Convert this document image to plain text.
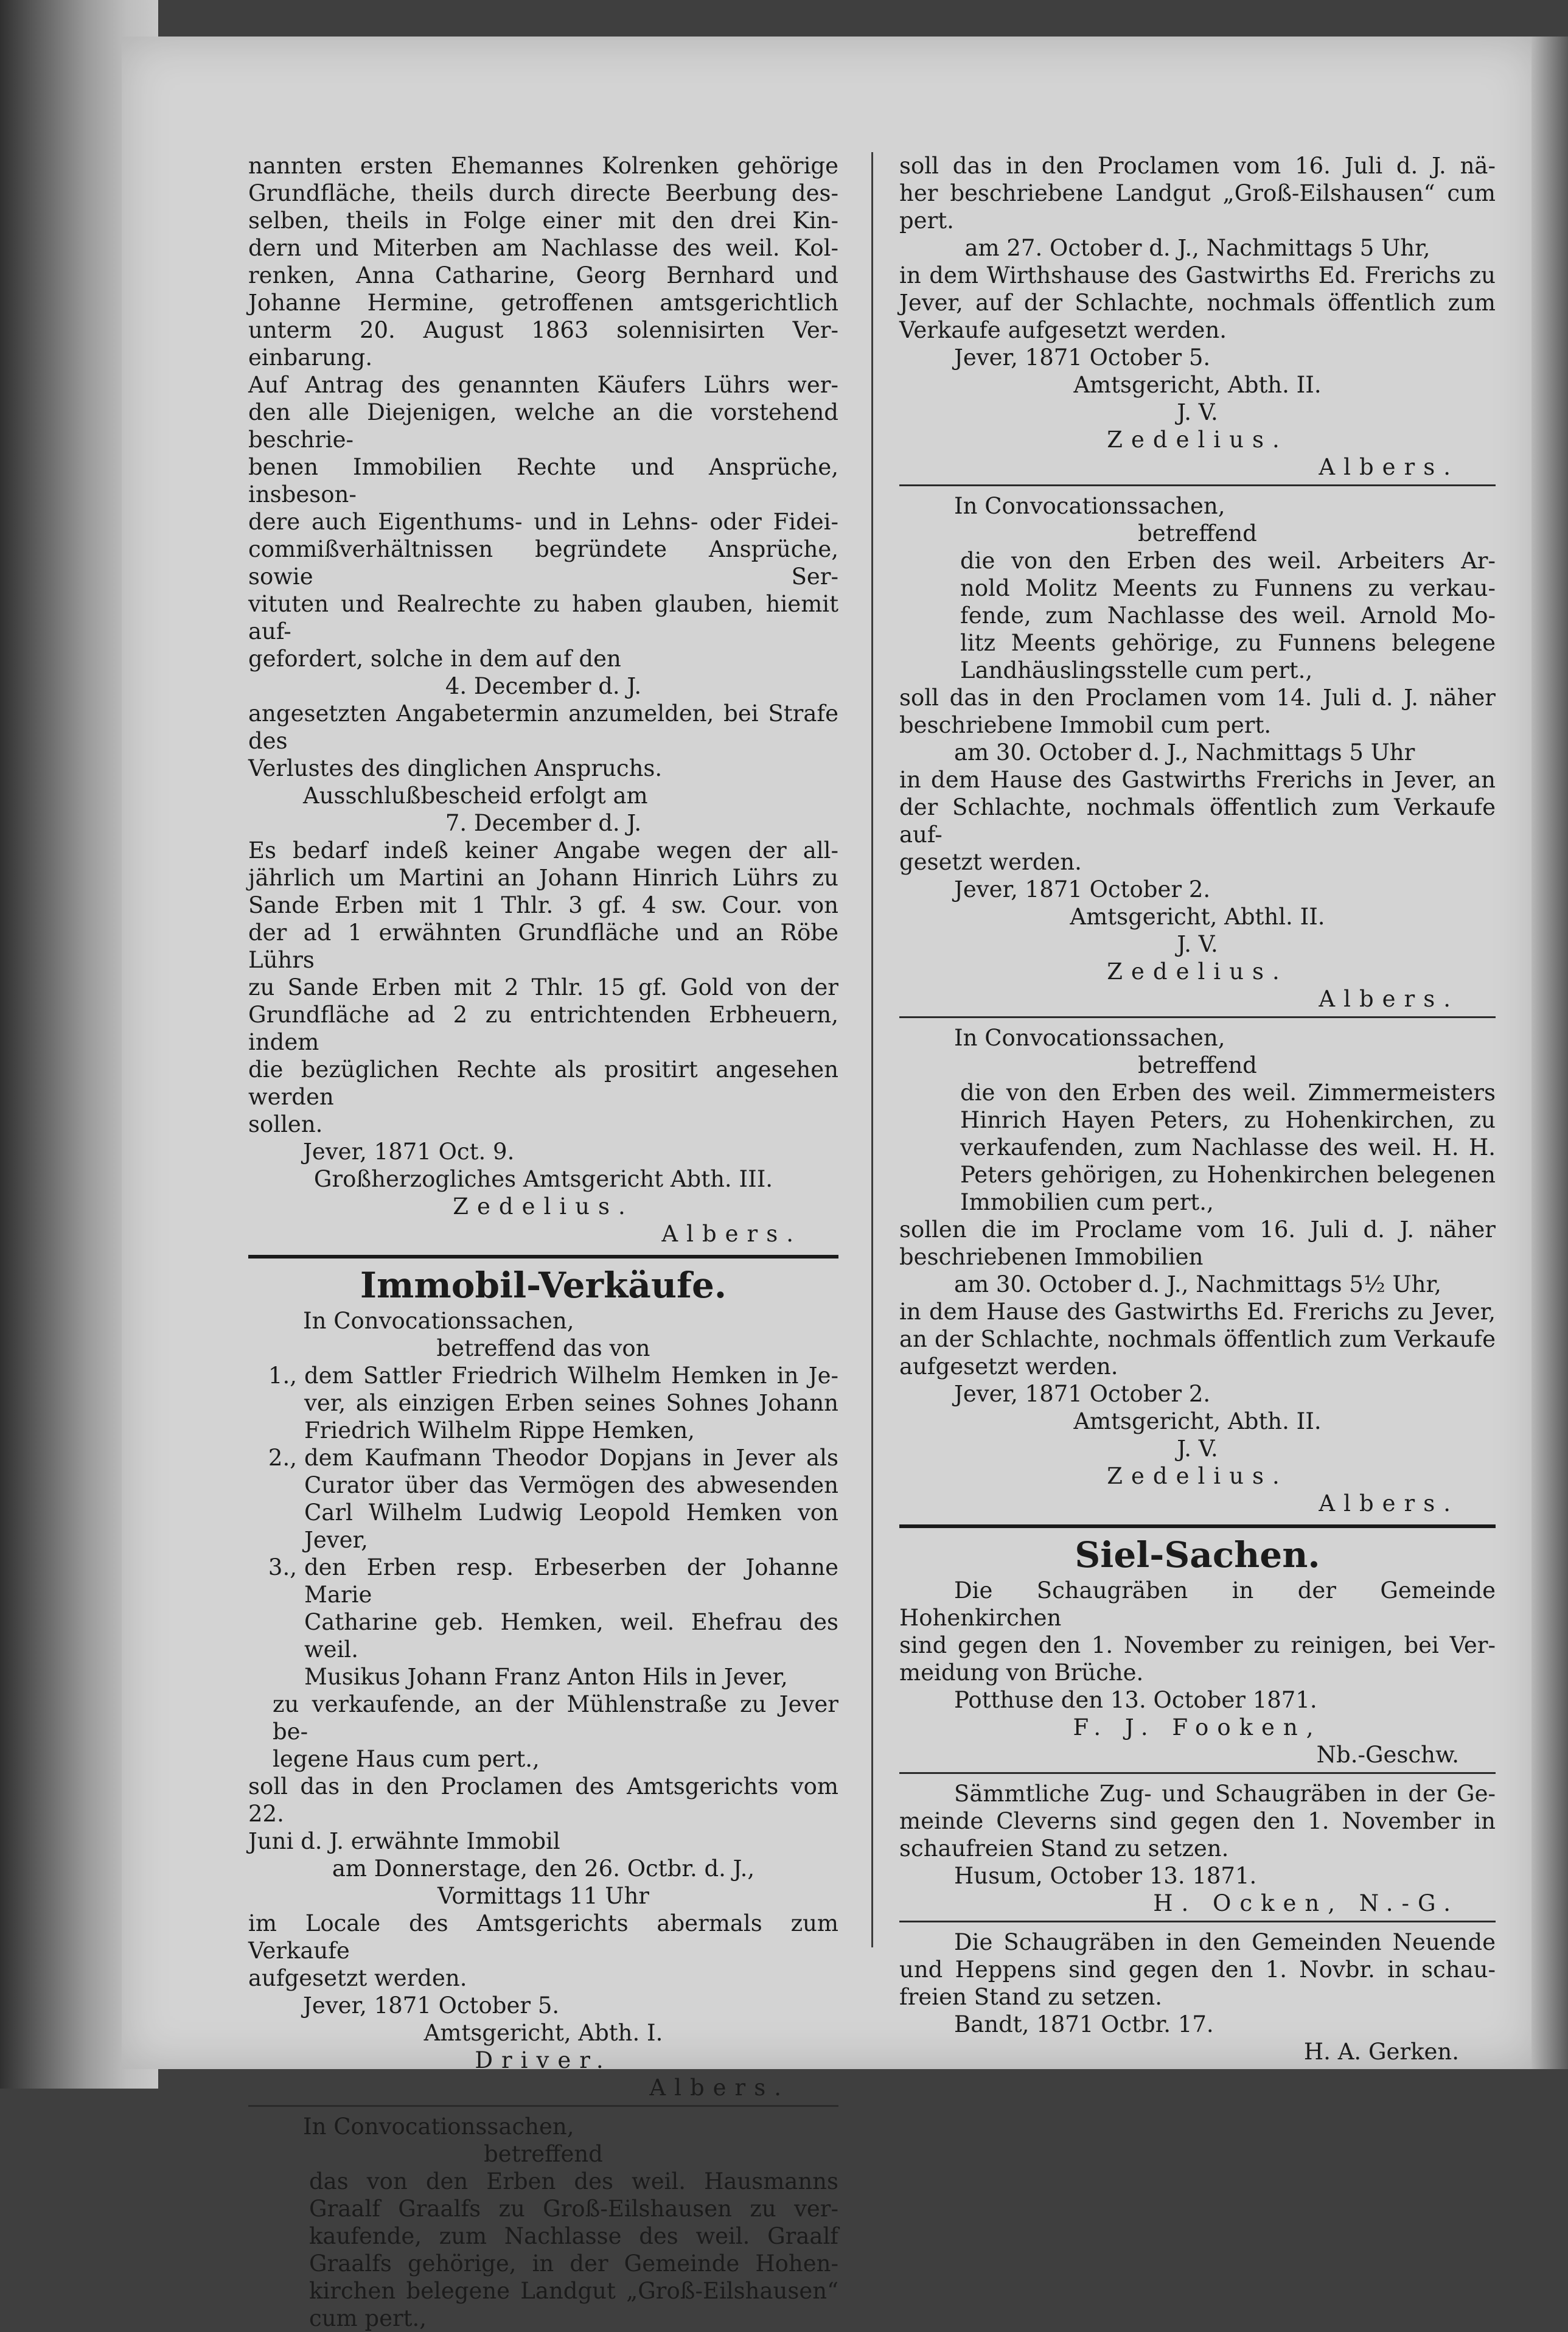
nannten ersten Ehemannes Kolrenken gehörige

Grundfläche, theils durch directe Beerbung des-

selben, theils in Folge einer mit den drei Kin-

dern und Miterben am Nachlasse des weil. Kol-

renken, Anna Catharine, Georg Bernhard und

Johanne Hermine, getroffenen amtsgerichtlich

unterm 20. August 1863 solennisirten Ver-

einbarung.

Auf Antrag des genannten Käufers Lührs wer-

den alle Diejenigen, welche an die vorstehend beschrie-

benen Immobilien Rechte und Ansprüche, insbeson-

dere auch Eigenthums- und in Lehns- oder Fidei-

commißverhältnissen begründete Ansprüche, sowie Ser-

vituten und Realrechte zu haben glauben, hiemit auf-

gefordert, solche in dem auf den

4. December d. J.

angesetzten Angabetermin anzumelden, bei Strafe des

Verlustes des dinglichen Anspruchs.

Ausschlußbescheid erfolgt am

7. December d. J.

Es bedarf indeß keiner Angabe wegen der all-

jährlich um Martini an Johann Hinrich Lührs zu

Sande Erben mit 1 Thlr. 3 gf. 4 sw. Cour. von

der ad 1 erwähnten Grundfläche und an Röbe Lührs

zu Sande Erben mit 2 Thlr. 15 gf. Gold von der

Grundfläche ad 2 zu entrichtenden Erbheuern, indem

die bezüglichen Rechte als prositirt angesehen werden

sollen.

Jever, 1871 Oct. 9.

Großherzogliches Amtsgericht Abth. III.

Zedelius.

Albers.

Immobil-Verkäufe.

In Convocationssachen,

betreffend das von

1., dem Sattler Friedrich Wilhelm Hemken in Je-

ver, als einzigen Erben seines Sohnes Johann

Friedrich Wilhelm Rippe Hemken,

2., dem Kaufmann Theodor Dopjans in Jever als

Curator über das Vermögen des abwesenden

Carl Wilhelm Ludwig Leopold Hemken von

Jever,

3., den Erben resp. Erbeserben der Johanne Marie

Catharine geb. Hemken, weil. Ehefrau des weil.

Musikus Johann Franz Anton Hils in Jever,

zu verkaufende, an der Mühlenstraße zu Jever be-

legene Haus cum pert.,

soll das in den Proclamen des Amtsgerichts vom 22.

Juni d. J. erwähnte Immobil

am Donnerstage, den 26. Octbr. d. J.,

Vormittags 11 Uhr

im Locale des Amtsgerichts abermals zum Verkaufe

aufgesetzt werden.

Jever, 1871 October 5.

Amtsgericht, Abth. I.

Driver.

Albers.

In Convocationssachen,

betreffend

das von den Erben des weil. Hausmanns

Graalf Graalfs zu Groß-Eilshausen zu ver-

kaufende, zum Nachlasse des weil. Graalf

Graalfs gehörige, in der Gemeinde Hohen-

kirchen belegene Landgut „Groß-Eilshausen“

cum pert.,

soll das in den Proclamen vom 16. Juli d. J. nä-

her beschriebene Landgut „Groß-Eilshausen“ cum pert.

am 27. October d. J., Nachmittags 5 Uhr,

in dem Wirthshause des Gastwirths Ed. Frerichs zu

Jever, auf der Schlachte, nochmals öffentlich zum

Verkaufe aufgesetzt werden.

Jever, 1871 October 5.

Amtsgericht, Abth. II.

J. V.

Zedelius.

Albers.

In Convocationssachen,

betreffend

die von den Erben des weil. Arbeiters Ar-

nold Molitz Meents zu Funnens zu verkau-

fende, zum Nachlasse des weil. Arnold Mo-

litz Meents gehörige, zu Funnens belegene

Landhäuslingsstelle cum pert.,

soll das in den Proclamen vom 14. Juli d. J. näher

beschriebene Immobil cum pert.

am 30. October d. J., Nachmittags 5 Uhr

in dem Hause des Gastwirths Frerichs in Jever, an

der Schlachte, nochmals öffentlich zum Verkaufe auf-

gesetzt werden.

Jever, 1871 October 2.

Amtsgericht, Abthl. II.

J. V.

Zedelius.

Albers.

In Convocationssachen,

betreffend

die von den Erben des weil. Zimmermeisters

Hinrich Hayen Peters, zu Hohenkirchen, zu

verkaufenden, zum Nachlasse des weil. H. H.

Peters gehörigen, zu Hohenkirchen belegenen

Immobilien cum pert.,

sollen die im Proclame vom 16. Juli d. J. näher

beschriebenen Immobilien

am 30. October d. J., Nachmittags 5½ Uhr,

in dem Hause des Gastwirths Ed. Frerichs zu Jever,

an der Schlachte, nochmals öffentlich zum Verkaufe

aufgesetzt werden.

Jever, 1871 October 2.

Amtsgericht, Abth. II.

J. V.

Zedelius.

Albers.

Siel-Sachen.

Die Schaugräben in der Gemeinde Hohenkirchen

sind gegen den 1. November zu reinigen, bei Ver-

meidung von Brüche.

Potthuse den 13. October 1871.

F. J. Fooken,

Nb.-Geschw.

Sämmtliche Zug- und Schaugräben in der Ge-

meinde Cleverns sind gegen den 1. November in

schaufreien Stand zu setzen.

Husum, October 13. 1871.

H. Ocken, N.-G.

Die Schaugräben in den Gemeinden Neuende

und Heppens sind gegen den 1. Novbr. in schau-

freien Stand zu setzen.

Bandt, 1871 Octbr. 17.

H. A. Gerken.
